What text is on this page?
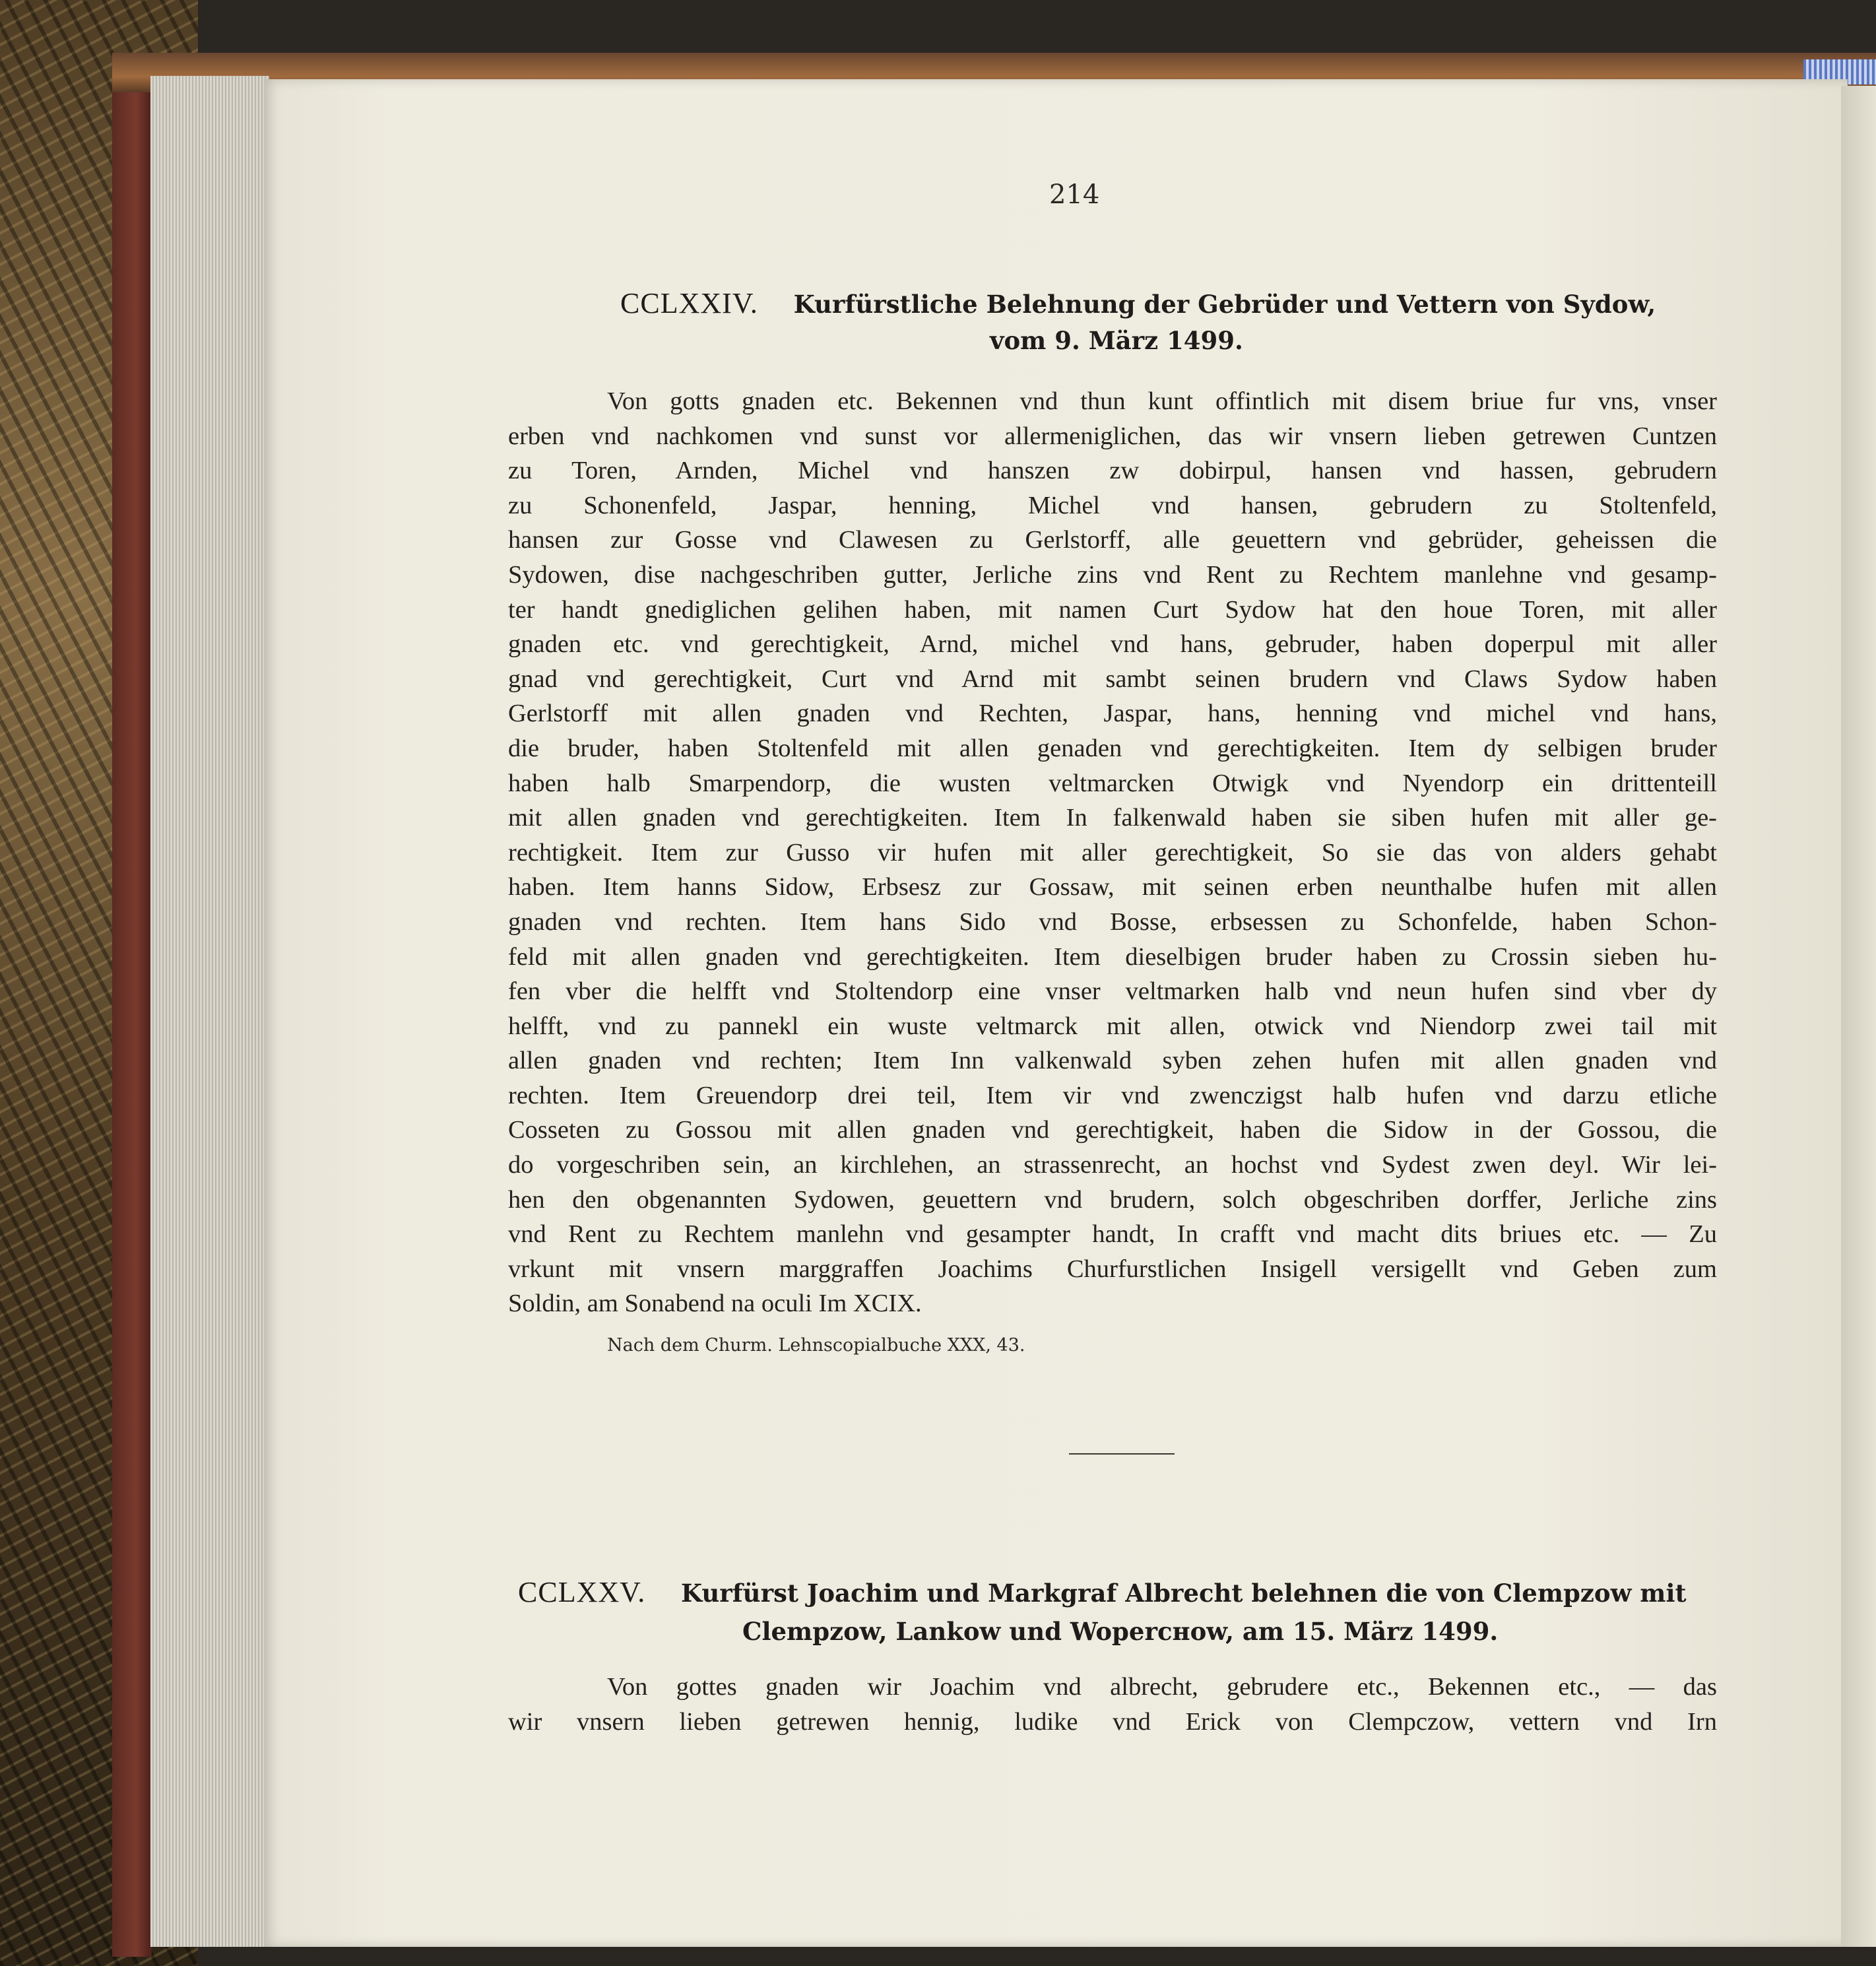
214
CCLXXIV. Kurfürstliche Belehnung der Gebrüder und Vettern von Sydow,
vom 9. März 1499.
Von gotts gnaden etc. Bekennen vnd thun kunt offintlich mit disem briue fur vns, vnser
erben vnd nachkomen vnd sunst vor allermeniglichen, das wir vnsern lieben getrewen Cuntzen
zu Toren, Arnden, Michel vnd hanszen zw dobirpul, hansen vnd hassen, gebrudern
zu Schonenfeld, Jaspar, henning, Michel vnd hansen, gebrudern zu Stoltenfeld,
hansen zur Gosse vnd Clawesen zu Gerlstorff, alle geuettern vnd gebrüder, geheissen die
Sydowen, dise nachgeschriben gutter, Jerliche zins vnd Rent zu Rechtem manlehne vnd gesamp-
ter handt gnediglichen gelihen haben, mit namen Curt Sydow hat den houe Toren, mit aller
gnaden etc. vnd gerechtigkeit, Arnd, michel vnd hans, gebruder, haben doperpul mit aller
gnad vnd gerechtigkeit, Curt vnd Arnd mit sambt seinen brudern vnd Claws Sydow haben
Gerlstorff mit allen gnaden vnd Rechten, Jaspar, hans, henning vnd michel vnd hans,
die bruder, haben Stoltenfeld mit allen genaden vnd gerechtigkeiten. Item dy selbigen bruder
haben halb Smarpendorp, die wusten veltmarcken Otwigk vnd Nyendorp ein drittenteill
mit allen gnaden vnd gerechtigkeiten. Item In falkenwald haben sie siben hufen mit aller ge-
rechtigkeit. Item zur Gusso vir hufen mit aller gerechtigkeit, So sie das von alders gehabt
haben. Item hanns Sidow, Erbsesz zur Gossaw, mit seinen erben neunthalbe hufen mit allen
gnaden vnd rechten. Item hans Sido vnd Bosse, erbsessen zu Schonfelde, haben Schon-
feld mit allen gnaden vnd gerechtigkeiten. Item dieselbigen bruder haben zu Crossin sieben hu-
fen vber die helfft vnd Stoltendorp eine vnser veltmarken halb vnd neun hufen sind vber dy
helfft, vnd zu pannekl ein wuste veltmarck mit allen, otwick vnd Niendorp zwei tail mit
allen gnaden vnd rechten; Item Inn valkenwald syben zehen hufen mit allen gnaden vnd
rechten. Item Greuendorp drei teil, Item vir vnd zwenczigst halb hufen vnd darzu etliche
Cosseten zu Gossou mit allen gnaden vnd gerechtigkeit, haben die Sidow in der Gossou, die
do vorgeschriben sein, an kirchlehen, an strassenrecht, an hochst vnd Sydest zwen deyl. Wir lei-
hen den obgenannten Sydowen, geuettern vnd brudern, solch obgeschriben dorffer, Jerliche zins
vnd Rent zu Rechtem manlehn vnd gesampter handt, In crafft vnd macht dits briues etc. — Zu
vrkunt mit vnsern marggraffen Joachims Churfurstlichen Insigell versigellt vnd Geben zum
Soldin, am Sonabend na oculi Im XCIX.
Nach dem Churm. Lehnscopialbuche XXX, 43.
CCLXXV. Kurfürst Joachim und Markgraf Albrecht belehnen die von Clempzow mit
Clempzow, Lankow und Woperснow, am 15. März 1499.
Von gottes gnaden wir Joachim vnd albrecht, gebrudere etc., Bekennen etc., — das
wir vnsern lieben getrewen hennig, ludike vnd Erick von Clempczow, vettern vnd Irn
